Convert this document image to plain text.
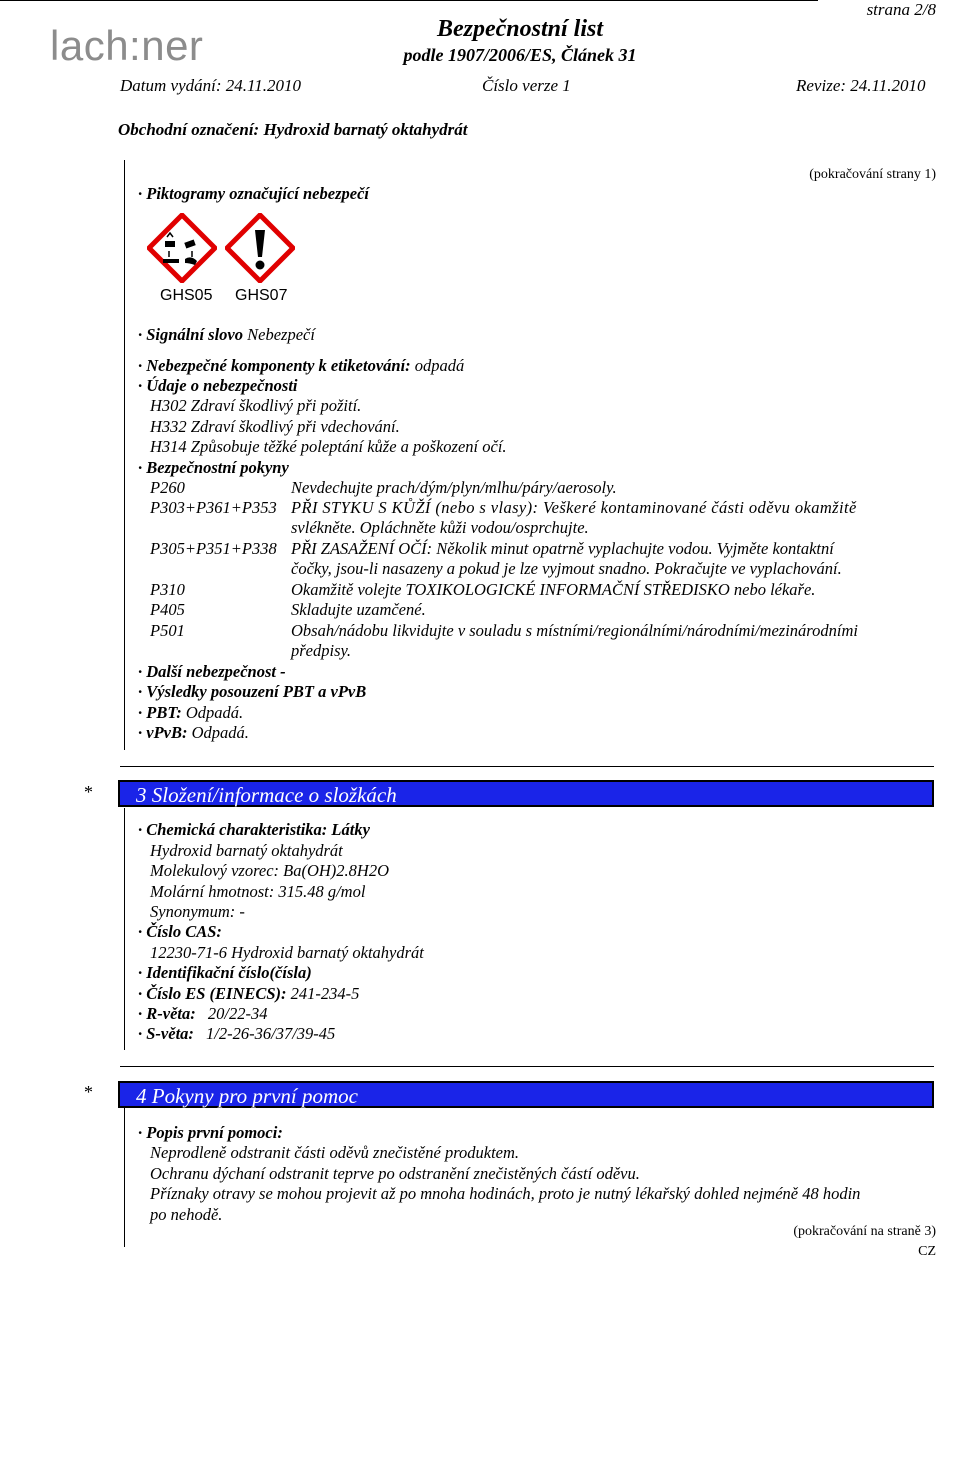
lach:ner
strana 2/8
Bezpečnostní list
podle 1907/2006/ES, Článek 31
Datum vydání: 24.11.2010	Číslo verze 1	Revize: 24.11.2010
Obchodní označení: Hydroxid barnatý oktahydrát
(pokračování strany 1)
· Piktogramy označující nebezpečí
GHS05 GHS07
· Signální slovo Nebezpečí
· Nebezpečné komponenty k etiketování: odpadá
· Údaje o nebezpečnosti
H302 Zdraví škodlivý při požití.
H332 Zdraví škodlivý při vdechování.
H314 Způsobuje těžké poleptání kůže a poškození očí.
· Bezpečnostní pokyny
P260	Nevdechujte prach/dým/plyn/mlhu/páry/aerosoly.
P303+P361+P353 PŘI STYKU S KŮŽÍ (nebo s vlasy): Veškeré kontaminované části oděvu okamžitě
svlékněte. Opláchněte kůži vodou/osprchujte.
P305+P351+P338 PŘI ZASAŽENÍ OČÍ: Několik minut opatrně vyplachujte vodou. Vyjměte kontaktní
čočky, jsou-li nasazeny a pokud je lze vyjmout snadno. Pokračujte ve vyplachování.
P310	Okamžitě volejte TOXIKOLOGICKÉ INFORMAČNÍ STŘEDISKO nebo lékaře.
P405	Skladujte uzamčené.
P501	Obsah/nádobu likvidujte v souladu s místními/regionálními/národními/mezinárodními
předpisy.
· Další nebezpečnost -
· Výsledky posouzení PBT a vPvB
· PBT: Odpadá.
· vPvB: Odpadá.
* 3 Složení/informace o složkách
· Chemická charakteristika: Látky
Hydroxid barnatý oktahydrát
Molekulový vzorec: Ba(OH)2.8H2O
Molární hmotnost: 315.48 g/mol
Synonymum: -
· Číslo CAS:
12230-71-6 Hydroxid barnatý oktahydrát
· Identifikační číslo(čísla)
· Číslo ES (EINECS): 241-234-5
· R-věta: 20/22-34
· S-věta: 1/2-26-36/37/39-45
* 4 Pokyny pro první pomoc
· Popis první pomoci:
Neprodleně odstranit části oděvů znečistěné produktem.
Ochranu dýchaní odstranit teprve po odstranění znečistěných částí oděvu.
Příznaky otravy se mohou projevit až po mnoha hodinách, proto je nutný lékařský dohled nejméně 48 hodin
po nehodě.
(pokračování na straně 3)
CZ
